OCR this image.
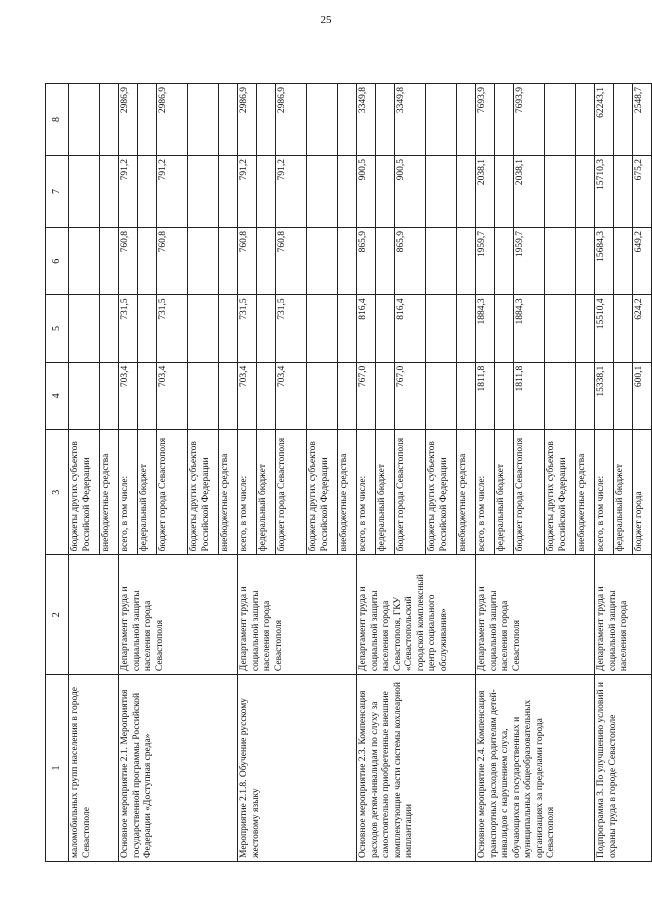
25
1	2	3	4	5	6	7	8
маломобильных групп населения в городе Севастополе		бюджеты других субъектов Российской Федерации					
		внебюджетные средства					
Основное мероприятие 2.1. Мероприятия государственной программы Российской Федерации «Доступная среда»	Департамент труда и социальной защиты населения города Севастополя	всего, в том числе:	703,4	731,5	760,8	791,2	2986,9
		федеральный бюджет					
		бюджет города Севастополя	703,4	731,5	760,8	791,2	2986,9
		бюджеты других субъектов Российской Федерации					
		внебюджетные средства					
Мероприятие 2.1.8. Обучение русскому жестовому языку	Департамент труда и социальной защиты населения города Севастополя	всего, в том числе:	703,4	731,5	760,8	791,2	2986,9
		федеральный бюджет					
		бюджет города Севастополя	703,4	731,5	760,8	791,2	2986,9
		бюджеты других субъектов Российской Федерации					
		внебюджетные средства					
Основное мероприятие 2.3. Компенсация расходов детям-инвалидам по слуху за самостоятельно приобретенные внешние комплектующие части системы кохлеарной имплантации	Департамент труда и социальной защиты населения города Севастополя, ГКУ «Севастопольский городской комплексный центр социального обслуживания»	всего, в том числе:	767,0	816,4	865,9	900,5	3349,8
		федеральный бюджет					
		бюджет города Севастополя	767,0	816,4	865,9	900,5	3349,8
		бюджеты других субъектов Российской Федерации					
		внебюджетные средства					
Основное мероприятие 2.4. Компенсация транспортных расходов родителям детей-инвалидов с нарушением слуха, обучающихся в государственных и муниципальных общеобразовательных организациях за пределами города Севастополя	Департамент труда и социальной защиты населения города Севастополя	всего, в том числе:	1811,8	1884,3	1959,7	2038,1	7693,9
		федеральный бюджет					
		бюджет города Севастополя	1811,8	1884,3	1959,7	2038,1	7693,9
		бюджеты других субъектов Российской Федерации					
		внебюджетные средства					
Подпрограмма 3. По улучшению условий и охраны труда в городе Севастополе	Департамент труда и социальной защиты населения города	всего, в том числе:	15338,1	15510,4	15684,3	15710,3	62243,1
		федеральный бюджет					
		бюджет города	600,1	624,2	649,2	675,2	2548,7
